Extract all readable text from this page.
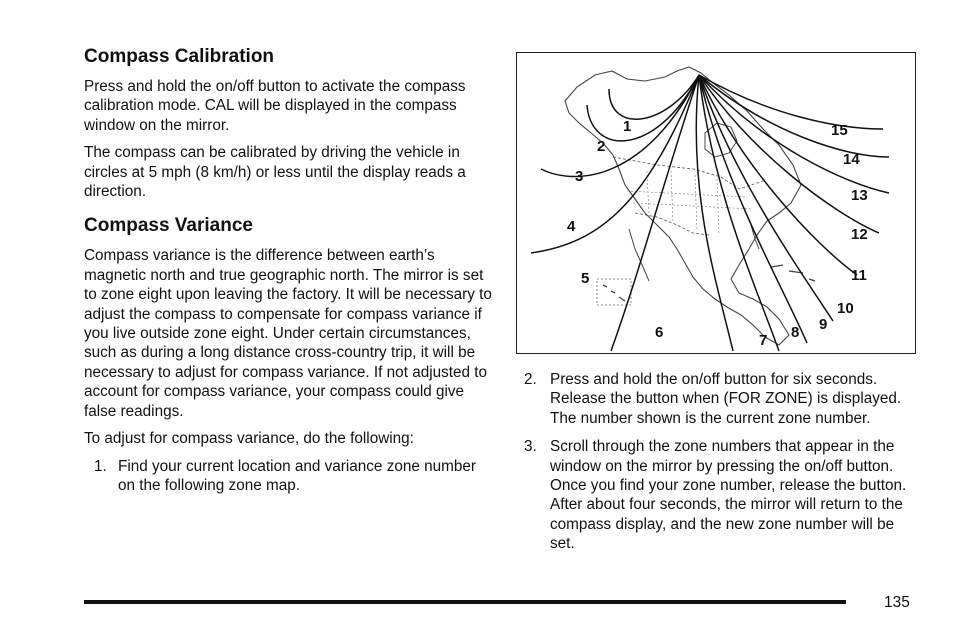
Compass Calibration

Press and hold the on/off button to activate the compass calibration mode. CAL will be displayed in the compass window on the mirror.

The compass can be calibrated by driving the vehicle in circles at 5 mph (8 km/h) or less until the display reads a direction.

Compass Variance

Compass variance is the difference between earth’s magnetic north and true geographic north. The mirror is set to zone eight upon leaving the factory. It will be necessary to adjust the compass to compensate for compass variance if you live outside zone eight. Under certain circumstances, such as during a long distance cross-country trip, it will be necessary to adjust for compass variance. If not adjusted to account for compass variance, your compass could give false readings.

To adjust for compass variance, do the following:

1. Find your current location and variance zone number on the following zone map.
1
2
3
4
5
6	7 8 9
10
11
12
13
14
15
2. Press and hold the on/off button for six seconds. Release the button when (FOR ZONE) is displayed. The number shown is the current zone number.
3. Scroll through the zone numbers that appear in the window on the mirror by pressing the on/off button. Once you find your zone number, release the button. After about four seconds, the mirror will return to the compass display, and the new zone number will be set.
135
